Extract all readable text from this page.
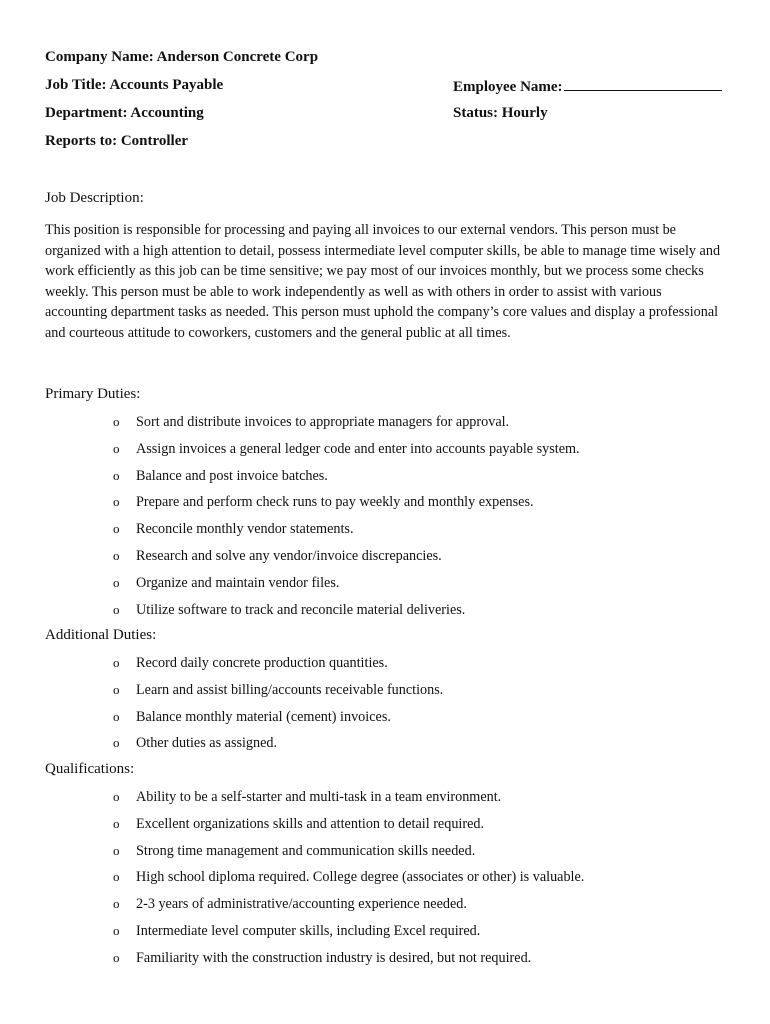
Company Name: Anderson Concrete Corp
Job Title: Accounts Payable	Employee Name:
Department: Accounting	Status: Hourly
Reports to: Controller
Job Description:
This position is responsible for processing and paying all invoices to our external vendors. This person must be organized with a high attention to detail, possess intermediate level computer skills, be able to manage time wisely and work efficiently as this job can be time sensitive; we pay most of our invoices monthly, but we process some checks weekly. This person must be able to work independently as well as with others in order to assist with various accounting department tasks as needed. This person must uphold the company’s core values and display a professional and courteous attitude to coworkers, customers and the general public at all times.
Primary Duties:
o Sort and distribute invoices to appropriate managers for approval.
o Assign invoices a general ledger code and enter into accounts payable system.
o Balance and post invoice batches.
o Prepare and perform check runs to pay weekly and monthly expenses.
o Reconcile monthly vendor statements.
o Research and solve any vendor/invoice discrepancies.
o Organize and maintain vendor files.
o Utilize software to track and reconcile material deliveries.
Additional Duties:
o Record daily concrete production quantities.
o Learn and assist billing/accounts receivable functions.
o Balance monthly material (cement) invoices.
o Other duties as assigned.
Qualifications:
o Ability to be a self-starter and multi-task in a team environment.
o Excellent organizations skills and attention to detail required.
o Strong time management and communication skills needed.
o High school diploma required. College degree (associates or other) is valuable.
o 2-3 years of administrative/accounting experience needed.
o Intermediate level computer skills, including Excel required.
o Familiarity with the construction industry is desired, but not required.
